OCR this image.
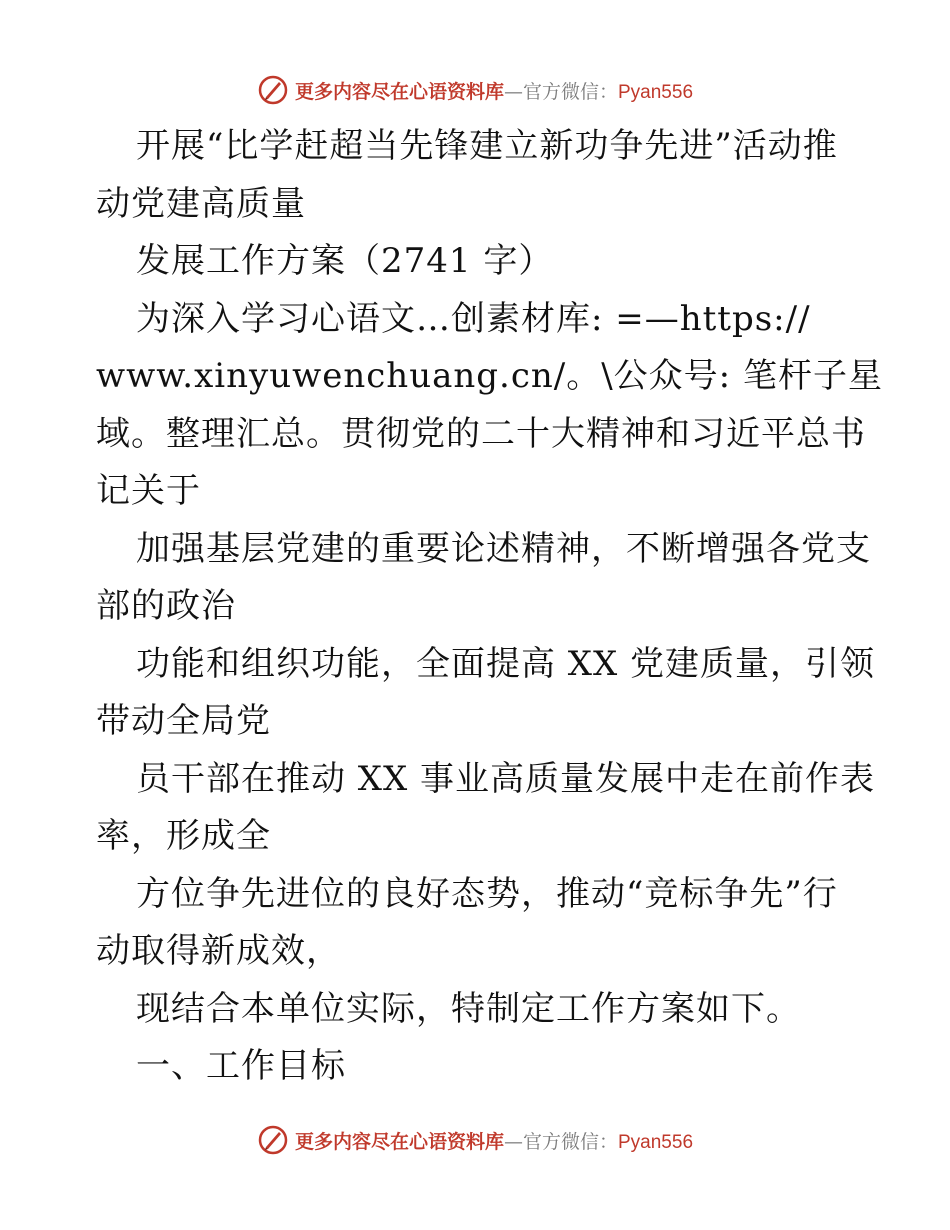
更多内容尽在心语资料库—官方微信：Pyan556
开展“比学赶超当先锋建立新功争先进”活动推
动党建高质量
发展工作方案（2741 字）
为深入学习心语文…创素材库: =—https://
www.xinyuwenchuang.cn/。\公众号: 笔杆子星
域。整理汇总。贯彻党的二十大精神和习近平总书
记关于
加强基层党建的重要论述精神，不断增强各党支
部的政治
功能和组织功能，全面提高 XX 党建质量，引领
带动全局党
员干部在推动 XX 事业高质量发展中走在前作表
率，形成全
方位争先进位的良好态势，推动“竞标争先”行
动取得新成效，
现结合本单位实际，特制定工作方案如下。
一、工作目标
更多内容尽在心语资料库—官方微信：Pyan556
